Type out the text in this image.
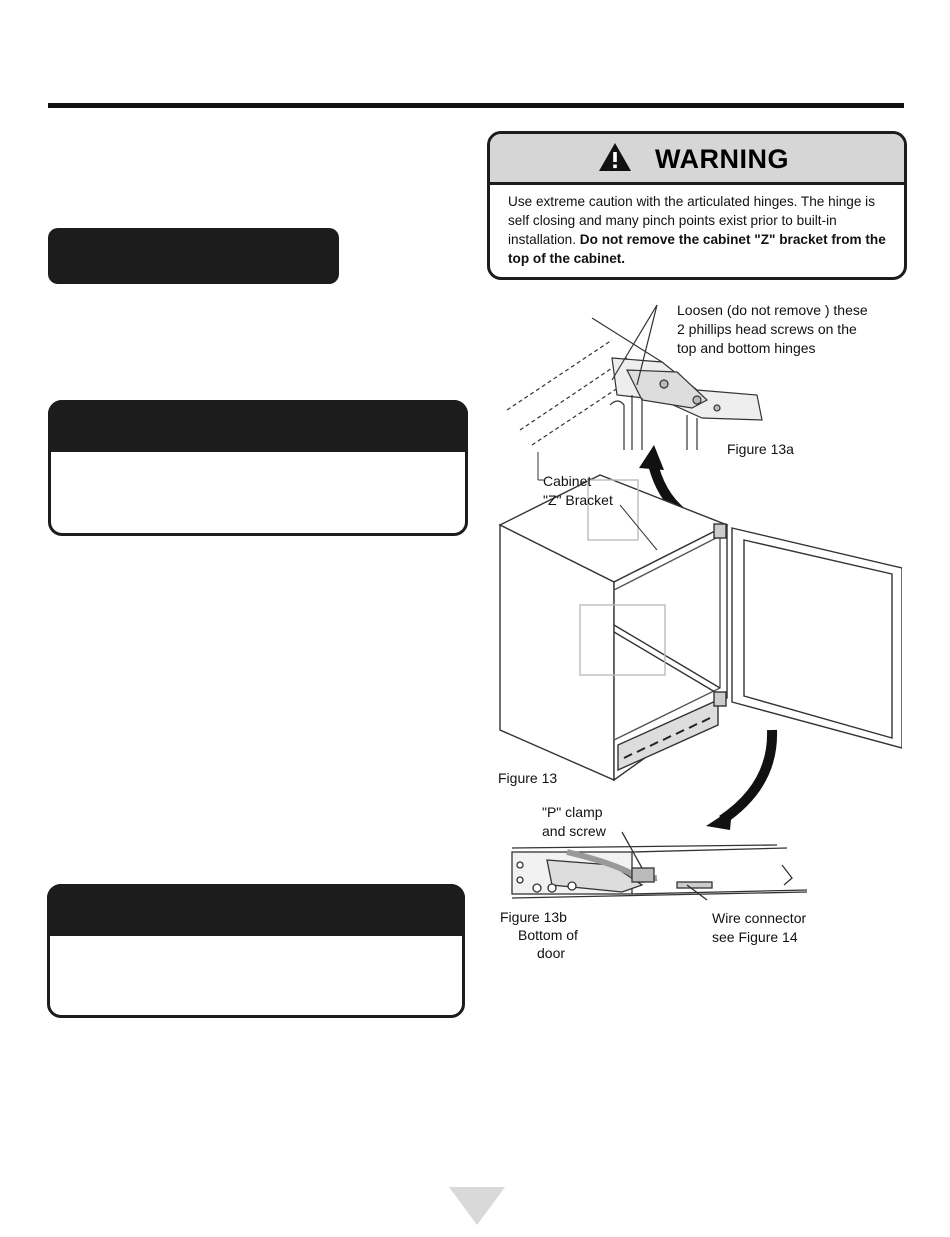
WARNING
Use extreme caution with the articulated hinges. The hinge is self closing and many pinch points exist prior to built-in installation. Do not remove the cabinet "Z" bracket from the top of the cabinet.
Loosen (do not remove ) these
2 phillips head screws on the
top and bottom hinges
Figure 13a
Cabinet
"Z" Bracket
Figure 13
"P" clamp
and screw
Figure 13b
Bottom of
door
Wire connector
see Figure 14
